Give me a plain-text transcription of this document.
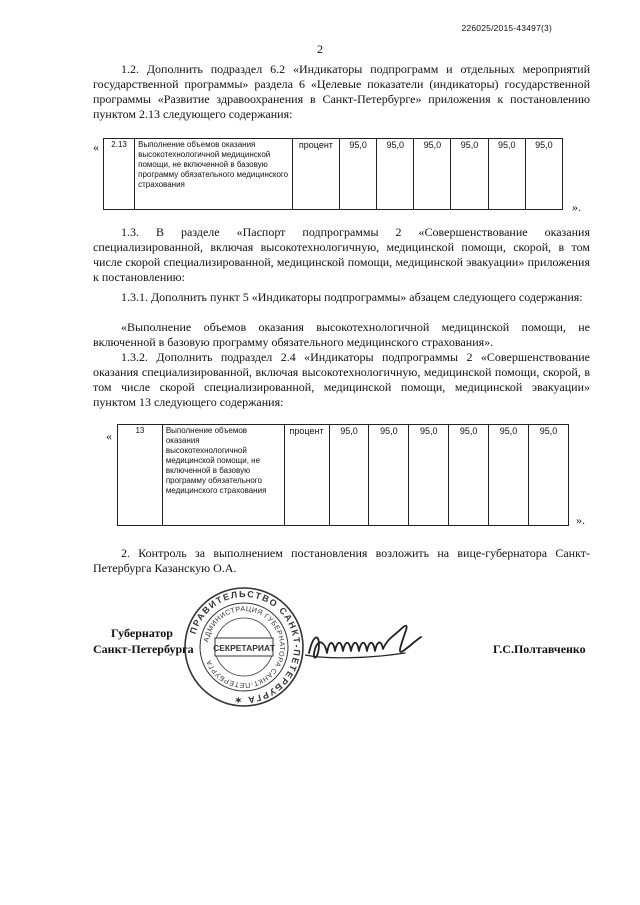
226025/2015-43497(3)
2
1.2. Дополнить подраздел 6.2 «Индикаторы подпрограмм и отдельных мероприятий государственной программы» раздела 6 «Целевые показатели (индикаторы) государственной программы «Развитие здравоохранения в Санкт-Петербурге» приложения к постановлению пунктом 2.13 следующего содержания:
« 2.13	Выполнение объемов оказания высокотехнологичной медицинской помощи, не включенной в базовую программу обязательного медицинского страхования	процент	95,0	95,0	95,0	95,0	95,0	95,0
».
1.3. В разделе «Паспорт подпрограммы 2 «Совершенствование оказания специализированной, включая высокотехнологичную, медицинской помощи, скорой, в том числе скорой специализированной, медицинской помощи, медицинской эвакуации» приложения к постановлению:
1.3.1. Дополнить пункт 5 «Индикаторы подпрограммы» абзацем следующего содержания:
«Выполнение объемов оказания высокотехнологичной медицинской помощи, не включенной в базовую программу обязательного медицинского страхования».
1.3.2. Дополнить подраздел 2.4 «Индикаторы подпрограммы 2 «Совершенствование оказания специализированной, включая высокотехнологичную, медицинской помощи, скорой, в том числе скорой специализированной, медицинской помощи, медицинской эвакуации» пунктом 13 следующего содержания:
«	13	Выполнение объемов оказания высокотехнологичной медицинской помощи, не включенной в базовую программу обязательного медицинского страхования	процент	95,0	95,0	95,0	95,0	95,0	95,0
».
2. Контроль за выполнением постановления возложить на вице-губернатора Санкт-Петербурга Казанскую О.А.
Губернатор
Санкт-Петербурга	Г.С.Полтавченко
ПРАВИТЕЛЬСТВО САНКТ-ПЕТЕРБУРГА ✶
АДМИНИСТРАЦИЯ ГУБЕРНАТОРА САНКТ-ПЕТЕРБУРГА
СЕКРЕТАРИАТ
